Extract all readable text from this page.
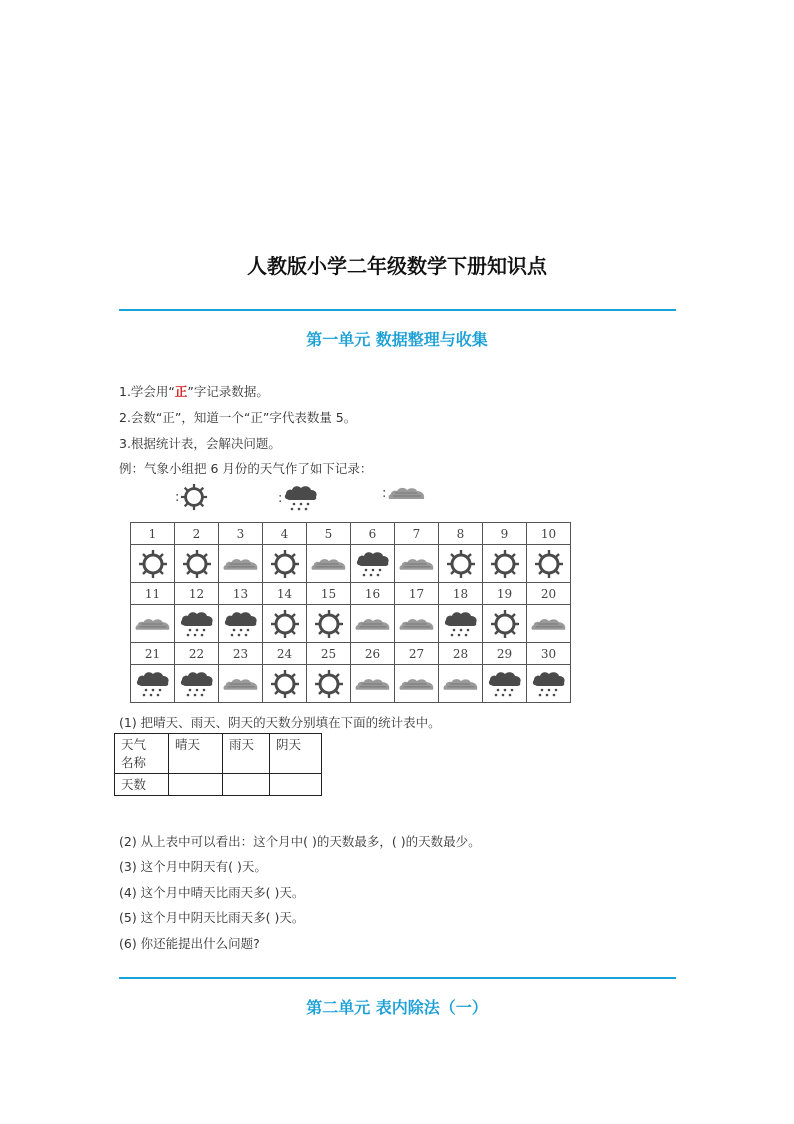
人教版小学二年级数学下册知识点
第一单元 数据整理与收集
1.学会用“正”字记录数据。
2.会数“正”，知道一个“正”字代表数量 5。
3.根据统计表，会解决问题。
例：气象小组把 6 月份的天气作了如下记录：
:	:	:
1	2	3	4	5	6	7	8	9	10

11	12	13	14	15	16	17	18	19	20

21	22	23	24	25	26	27	28	29	30

(1) 把晴天、雨天、阴天的天数分别填在下面的统计表中。
天气
名称	晴天	雨天	阴天
天数			
(2) 从上表中可以看出：这个月中( )的天数最多，( )的天数最少。
(3) 这个月中阴天有( )天。
(4) 这个月中晴天比雨天多( )天。
(5) 这个月中阴天比雨天多( )天。
(6) 你还能提出什么问题?
第二单元 表内除法（一）
